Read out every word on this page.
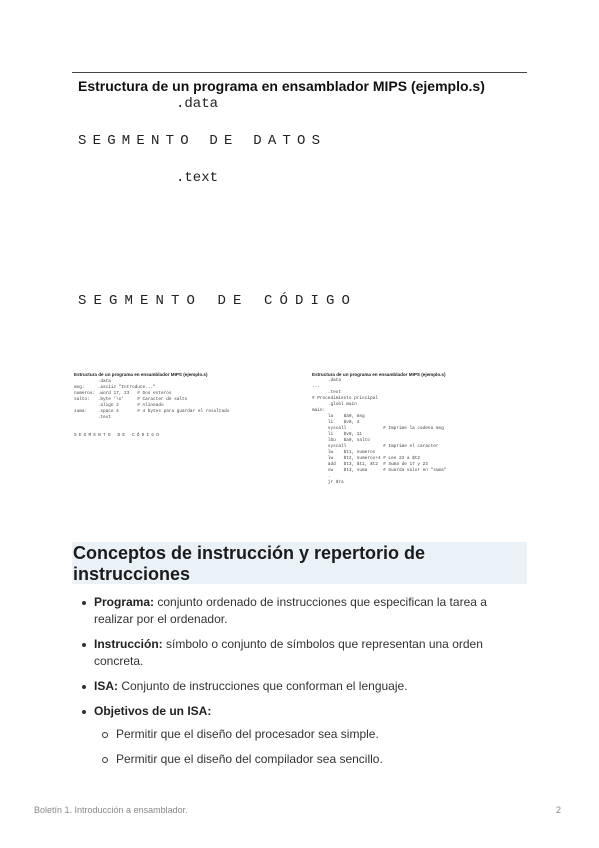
Estructura de un programa en ensamblador MIPS (ejemplo.s)
.data
SEGMENTO DE DATOS
.text
SEGMENTO DE CÓDIGO
Estructura de un programa en ensamblador MIPS (ejemplo.s)
.data
msg:     .asciiz "Introduce..."
numeros: .word 17, 23   # Dos enteros
salto:   .byte '\n'     # Caracter de salto
.align 2       # Alineado
suma:    .space 4       # 4 bytes para guardar el resultado
.text
SEGMENTO DE CÓDIGO
Estructura de un programa en ensamblador MIPS (ejemplo.s)
.data
...
.text
# Procedimiento principal
.globl main
main:
la    $a0, msg
li    $v0, 4
syscall              # Imprime la cadena msg
li    $v0, 11
lbu   $a0, salto
syscall              # Imprime el caracter
lw    $t1, numeros
lw    $t2, numeros+4 # Lee 23 a $t2
add   $t3, $t1, $t2  # Suma de 17 y 23
sw    $t3, suma      # Guarda valor en "suma"
.
jr $ra
Conceptos de instrucción y repertorio de instrucciones
Programa: conjunto ordenado de instrucciones que especifican la tarea a realizar por el ordenador.
Instrucción: símbolo o conjunto de símbolos que representan una orden concreta.
ISA: Conjunto de instrucciones que conforman el lenguaje.
Objetivos de un ISA:
Permitir que el diseño del procesador sea simple.
Permitir que el diseño del compilador sea sencillo.
Boletín 1. Introducción a ensamblador.	2
